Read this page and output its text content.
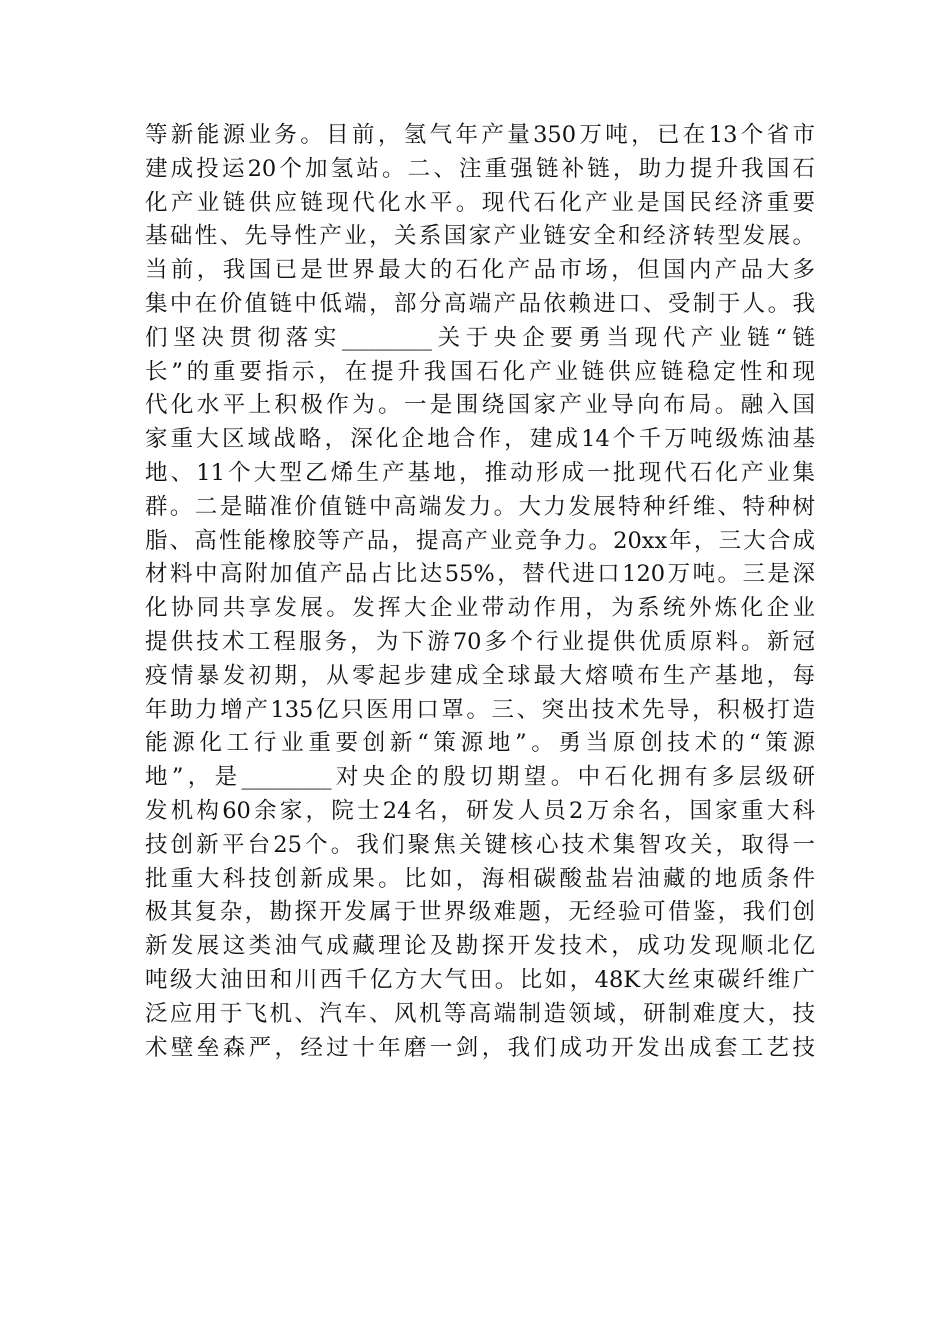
等新能源业务。目前，氢气年产量350万吨，已在13个省市
建成投运20个加氢站。二、注重强链补链，助力提升我国石
化产业链供应链现代化水平。现代石化产业是国民经济重要
基础性、先导性产业，关系国家产业链安全和经济转型发展。
当前，我国已是世界最大的石化产品市场，但国内产品大多
集中在价值链中低端，部分高端产品依赖进口、受制于人。我
们坚决贯彻落实________关于央企要勇当现代产业链“链
长”的重要指示，在提升我国石化产业链供应链稳定性和现
代化水平上积极作为。一是围绕国家产业导向布局。融入国
家重大区域战略，深化企地合作，建成14个千万吨级炼油基
地、11个大型乙烯生产基地，推动形成一批现代石化产业集
群。二是瞄准价值链中高端发力。大力发展特种纤维、特种树
脂、高性能橡胶等产品，提高产业竞争力。20xx年，三大合成
材料中高附加值产品占比达55%，替代进口120万吨。三是深
化协同共享发展。发挥大企业带动作用，为系统外炼化企业
提供技术工程服务，为下游70多个行业提供优质原料。新冠
疫情暴发初期，从零起步建成全球最大熔喷布生产基地，每
年助力增产135亿只医用口罩。三、突出技术先导，积极打造
能源化工行业重要创新“策源地”。勇当原创技术的“策源
地”，是________对央企的殷切期望。中石化拥有多层级研
发机构60余家，院士24名，研发人员2万余名，国家重大科
技创新平台25个。我们聚焦关键核心技术集智攻关，取得一
批重大科技创新成果。比如，海相碳酸盐岩油藏的地质条件
极其复杂，勘探开发属于世界级难题，无经验可借鉴，我们创
新发展这类油气成藏理论及勘探开发技术，成功发现顺北亿
吨级大油田和川西千亿方大气田。比如，48K大丝束碳纤维广
泛应用于飞机、汽车、风机等高端制造领域，研制难度大，技
术壁垒森严，经过十年磨一剑，我们成功开发出成套工艺技
